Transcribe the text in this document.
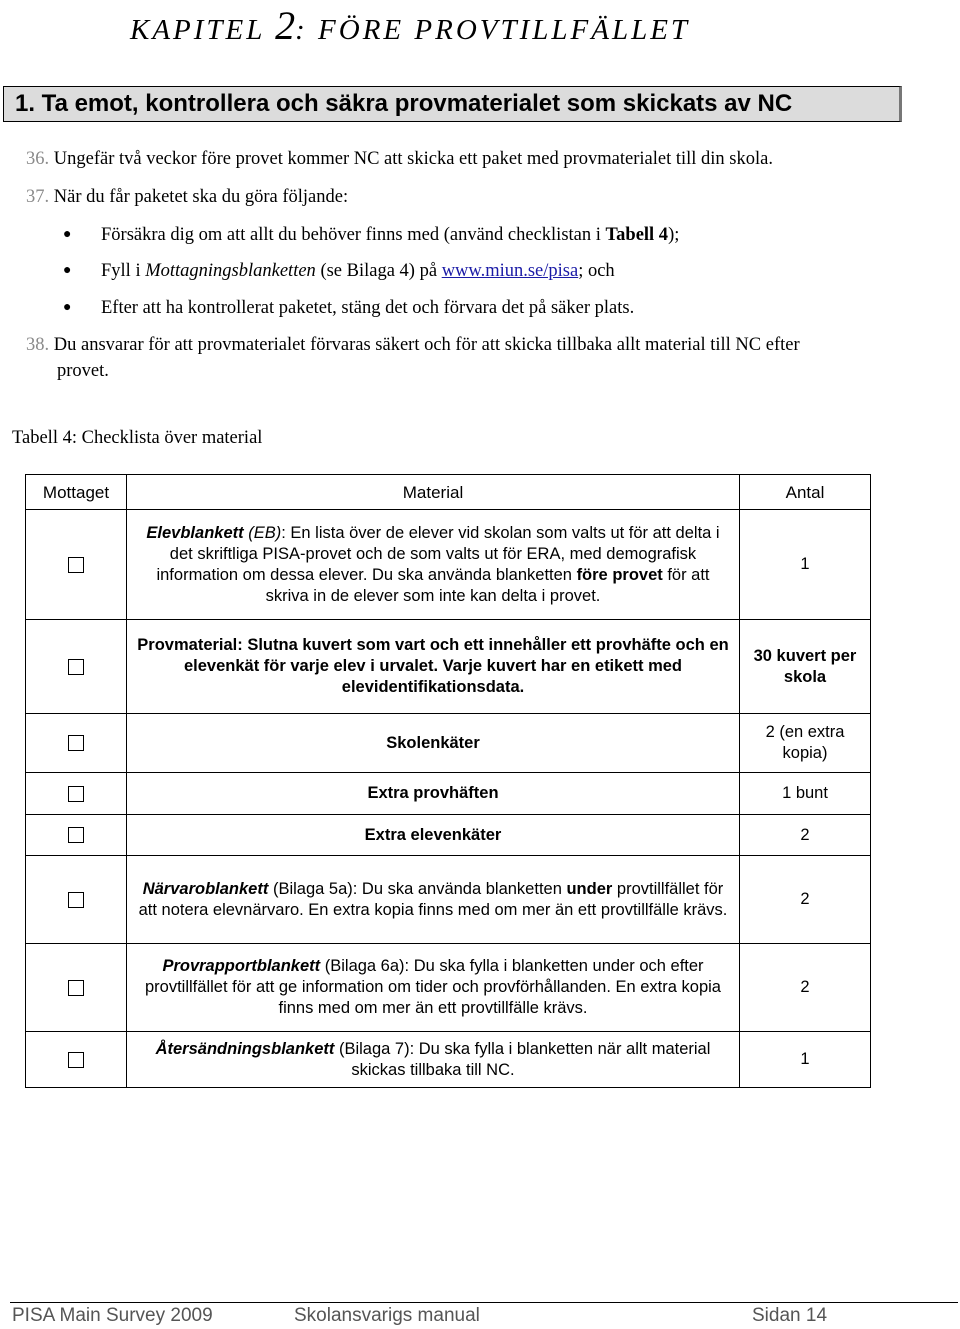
KAPITEL 2: FÖRE PROVTILLFÄLLET
1. Ta emot, kontrollera och säkra provmaterialet som skickats av NC
36. Ungefär två veckor före provet kommer NC att skicka ett paket med provmaterialet till din skola.
37. När du får paketet ska du göra följande:
● Försäkra dig om att allt du behöver finns med (använd checklistan i Tabell 4);
● Fyll i Mottagningsblanketten (se Bilaga 4) på www.miun.se/pisa; och
● Efter att ha kontrollerat paketet, stäng det och förvara det på säker plats.
38. Du ansvarar för att provmaterialet förvaras säkert och för att skicka tillbaka allt material till NC efter
provet.
Tabell 4: Checklista över material
Mottaget	Material	Antal
	Elevblankett (EB): En lista över de elever vid skolan som valts ut för att delta i det skriftliga PISA-provet och de som valts ut för ERA, med demografisk information om dessa elever. Du ska använda blanketten före provet för att skriva in de elever som inte kan delta i provet.	1
	Provmaterial: Slutna kuvert som vart och ett innehåller ett provhäfte och en elevenkät för varje elev i urvalet. Varje kuvert har en etikett med elevidentifikationsdata.	30 kuvert per skola
	Skolenkäter	2 (en extra kopia)
	Extra provhäften	1 bunt
	Extra elevenkäter	2
	Närvaroblankett (Bilaga 5a): Du ska använda blanketten under provtillfället för att notera elevnärvaro. En extra kopia finns med om mer än ett provtillfälle krävs.	2
	Provrapportblankett (Bilaga 6a): Du ska fylla i blanketten under och efter provtillfället för att ge information om tider och provförhållanden. En extra kopia finns med om mer än ett provtillfälle krävs.	2
	Återsändningsblankett (Bilaga 7): Du ska fylla i blanketten när allt material skickas tillbaka till NC.	1
PISA Main Survey 2009	Skolansvarigs manual	Sidan 14
